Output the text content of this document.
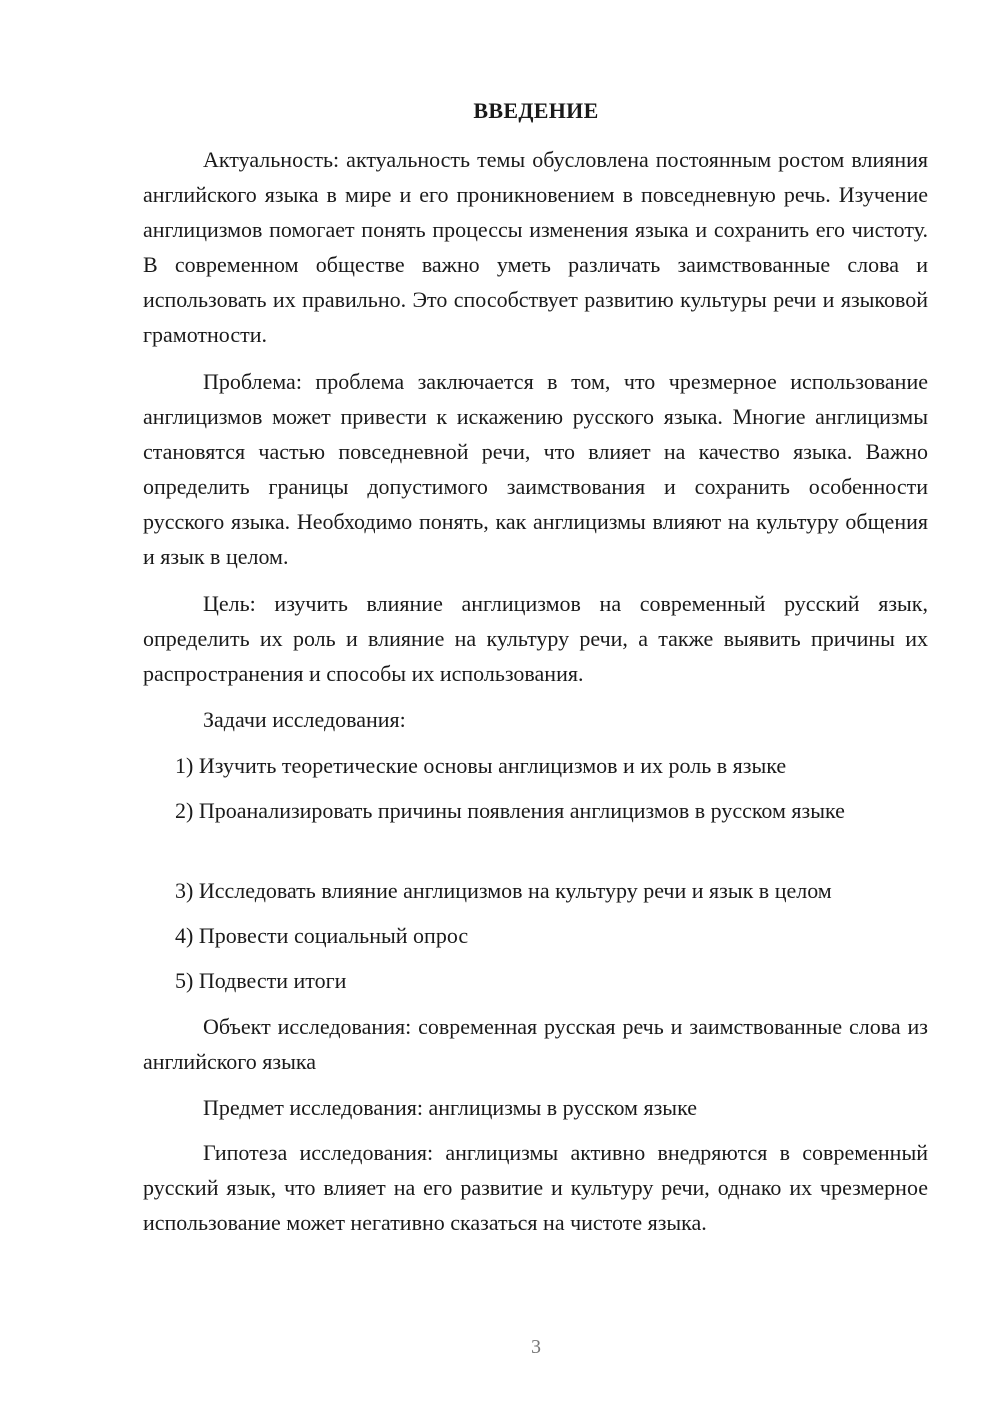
ВВЕДЕНИЕ

Актуальность: актуальность темы обусловлена постоянным ростом влияния английского языка в мире и его проникновением в повседневную речь. Изучение англицизмов помогает понять процессы изменения языка и сохранить его чистоту. В современном обществе важно уметь различать заимствованные слова и использовать их правильно. Это способствует развитию культуры речи и языковой грамотности.

Проблема: проблема заключается в том, что чрезмерное использование англицизмов может привести к искажению русского языка. Многие англицизмы становятся частью повседневной речи, что влияет на качество языка. Важно определить границы допустимого заимствования и сохранить особенности русского языка. Необходимо понять, как англицизмы влияют на культуру общения и язык в целом.

Цель: изучить влияние англицизмов на современный русский язык, определить их роль и влияние на культуру речи, а также выявить причины их распространения и способы их использования.

Задачи исследования:

1) Изучить теоретические основы англицизмов и их роль в языке

2) Проанализировать причины появления англицизмов в русском языке

3) Исследовать влияние англицизмов на культуру речи и язык в целом

4) Провести социальный опрос

5) Подвести итоги

Объект исследования: современная русская речь и заимствованные слова из английского языка

Предмет исследования: англицизмы в русском языке

Гипотеза исследования: англицизмы активно внедряются в современный русский язык, что влияет на его развитие и культуру речи, однако их чрезмерное использование может негативно сказаться на чистоте языка.

3
